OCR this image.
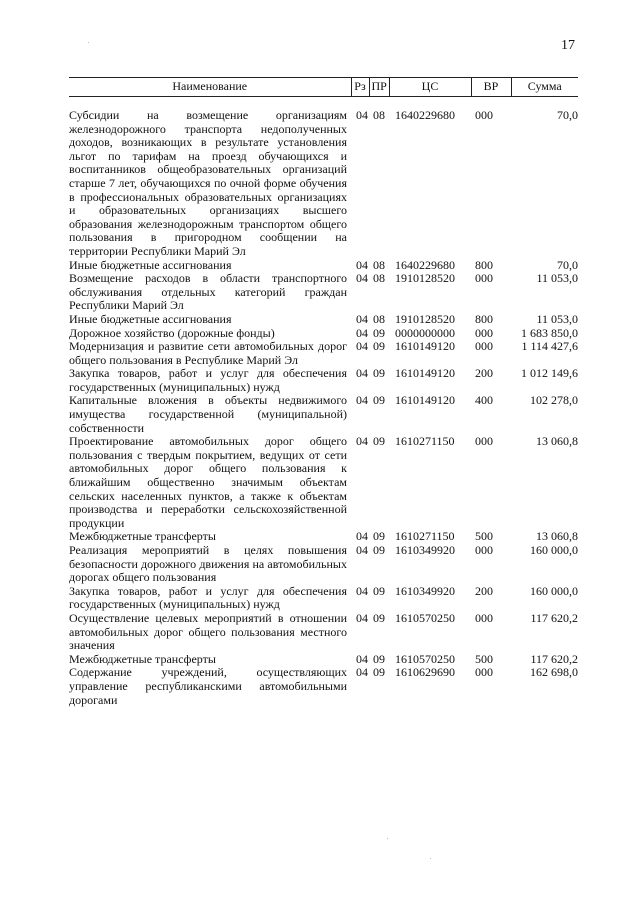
17
Наименование	Рз	ПР	ЦС	ВР	Сумма
Субсидии на возмещение организациям железнодорожного транспорта недополученных доходов, возникающих в результате установления льгот по тарифам на проезд обучающихся и воспитанников общеобразовательных организаций старше 7 лет, обучающихся по очной форме обучения в профессиональных образовательных организациях и образовательных организациях высшего образования железнодорожным транспортом общего пользования в пригородном сообщении на территории Республики Марий Эл	04	08	1640229680	000	70,0
Иные бюджетные ассигнования	04	08	1640229680	800	70,0
Возмещение расходов в области транспортного обслуживания отдельных категорий граждан Республики Марий Эл	04	08	1910128520	000	11 053,0
Иные бюджетные ассигнования	04	08	1910128520	800	11 053,0
Дорожное хозяйство (дорожные фонды)	04	09	0000000000	000	1 683 850,0
Модернизация и развитие сети автомобильных дорог общего пользования в Республике Марий Эл	04	09	1610149120	000	1 114 427,6
Закупка товаров, работ и услуг для обеспечения государственных (муниципальных) нужд	04	09	1610149120	200	1 012 149,6
Капитальные вложения в объекты недвижимого имущества государственной (муниципальной) собственности	04	09	1610149120	400	102 278,0
Проектирование автомобильных дорог общего пользования с твердым покрытием, ведущих от сети автомобильных дорог общего пользования к ближайшим общественно значимым объектам сельских населенных пунктов, а также к объектам производства и переработки сельскохозяйственной продукции	04	09	1610271150	000	13 060,8
Межбюджетные трансферты	04	09	1610271150	500	13 060,8
Реализация мероприятий в целях повышения безопасности дорожного движения на автомобильных дорогах общего пользования	04	09	1610349920	000	160 000,0
Закупка товаров, работ и услуг для обеспечения государственных (муниципальных) нужд	04	09	1610349920	200	160 000,0
Осуществление целевых мероприятий в отношении автомобильных дорог общего пользования местного значения	04	09	1610570250	000	117 620,2
Межбюджетные трансферты	04	09	1610570250	500	117 620,2
Содержание учреждений, осуществляющих управление республиканскими автомобильными дорогами	04	09	1610629690	000	162 698,0
